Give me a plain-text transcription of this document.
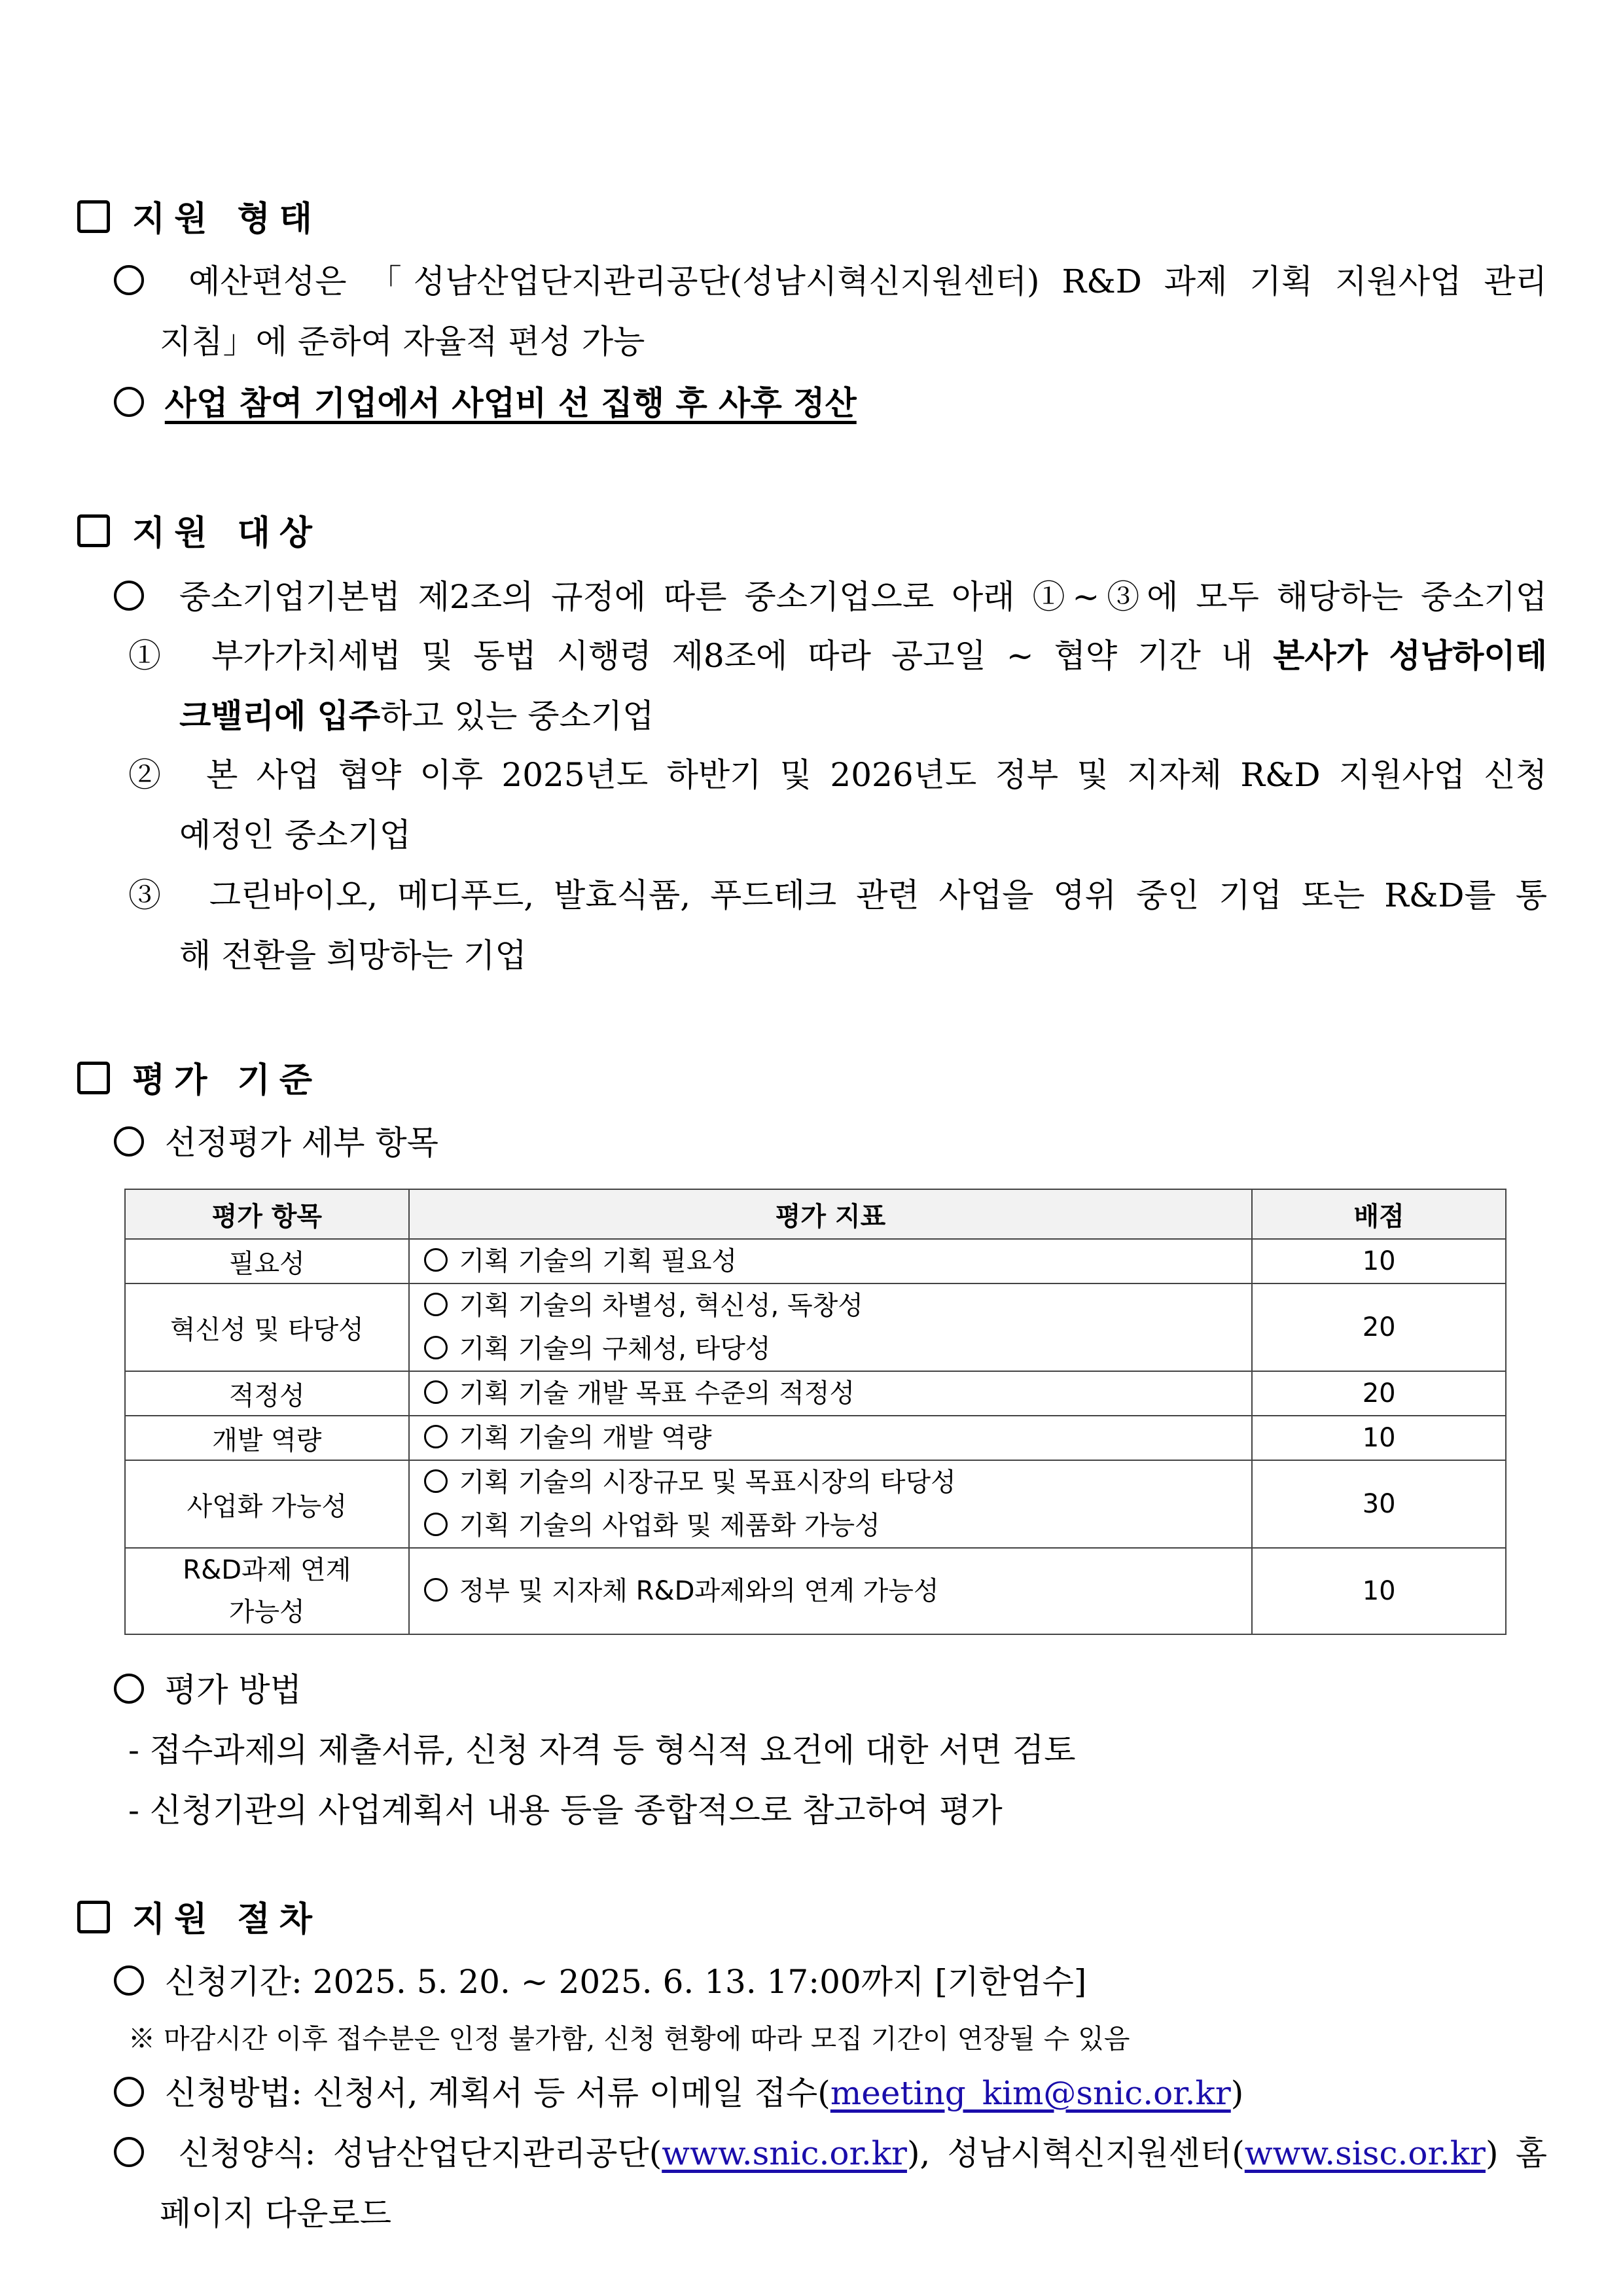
지원 형태
예산편성은 「성남산업단지관리공단(성남시혁신지원센터) R&D 과제 기획 지원사업 관리
지침」에 준하여 자율적 편성 가능
사업 참여 기업에서 사업비 선 집행 후 사후 정산
지원 대상
중소기업기본법 제2조의 규정에 따른 중소기업으로 아래 ①~③에 모두 해당하는 중소기업
① 부가가치세법 및 동법 시행령 제8조에 따라 공고일 ~ 협약 기간 내 본사가 성남하이테
크밸리에 입주하고 있는 중소기업
② 본 사업 협약 이후 2025년도 하반기 및 2026년도 정부 및 지자체 R&D 지원사업 신청
예정인 중소기업
③ 그린바이오, 메디푸드, 발효식품, 푸드테크 관련 사업을 영위 중인 기업 또는 R&D를 통
해 전환을 희망하는 기업
평가 기준
선정평가 세부 항목
평가 항목	평가 지표	배점
필요성	기획 기술의 기획 필요성	10
혁신성 및 타당성	기획 기술의 차별성, 혁신성, 독창성
기획 기술의 구체성, 타당성	20
적정성	기획 기술 개발 목표 수준의 적정성	20
개발 역량	기획 기술의 개발 역량	10
사업화 가능성	기획 기술의 시장규모 및 목표시장의 타당성
기획 기술의 사업화 및 제품화 가능성	30

R&D과제 연계
가능성	정부 및 지자체 R&D과제와의 연계 가능성	10
평가 방법
- 접수과제의 제출서류, 신청 자격 등 형식적 요건에 대한 서면 검토
- 신청기관의 사업계획서 내용 등을 종합적으로 참고하여 평가
지원 절차
신청기간: 2025. 5. 20. ~ 2025. 6. 13. 17:00까지 [기한엄수]
※ 마감시간 이후 접수분은 인정 불가함, 신청 현황에 따라 모집 기간이 연장될 수 있음
신청방법: 신청서, 계획서 등 서류 이메일 접수(meeting_kim@snic.or.kr)
신청양식: 성남산업단지관리공단(www.snic.or.kr), 성남시혁신지원센터(www.sisc.or.kr) 홈
페이지 다운로드
